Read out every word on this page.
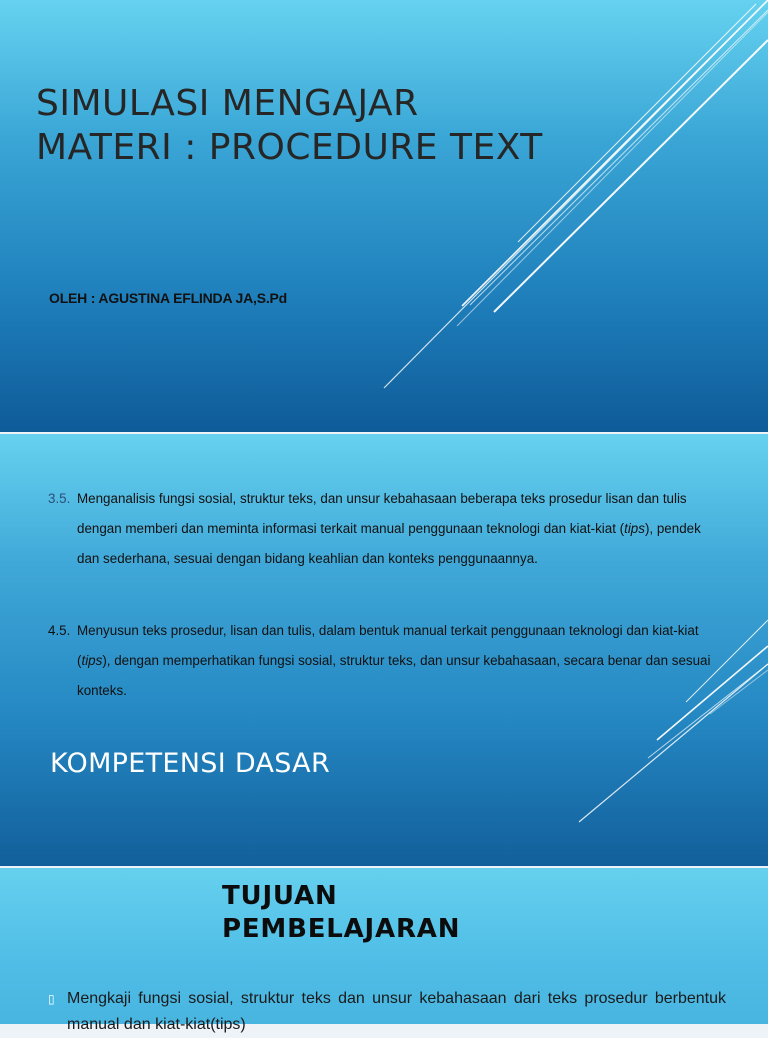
SIMULASI MENGAJAR
MATERI : PROCEDURE TEXT
OLEH : AGUSTINA EFLINDA JA,S.Pd
3.5. Menganalisis fungsi sosial, struktur teks, dan unsur kebahasaan beberapa teks prosedur lisan dan tulis dengan memberi dan meminta informasi terkait manual penggunaan teknologi dan kiat-kiat (tips), pendek dan sederhana, sesuai dengan bidang keahlian dan konteks penggunaannya.
4.5. Menyusun teks prosedur, lisan dan tulis, dalam bentuk manual terkait penggunaan teknologi dan kiat-kiat (tips), dengan memperhatikan fungsi sosial, struktur teks, dan unsur kebahasaan, secara benar dan sesuai konteks.
KOMPETENSI DASAR
TUJUAN
PEMBELAJARAN
▯ Mengkaji fungsi sosial, struktur teks dan unsur kebahasaan dari teks prosedur berbentuk manual dan kiat-kiat(tips)
